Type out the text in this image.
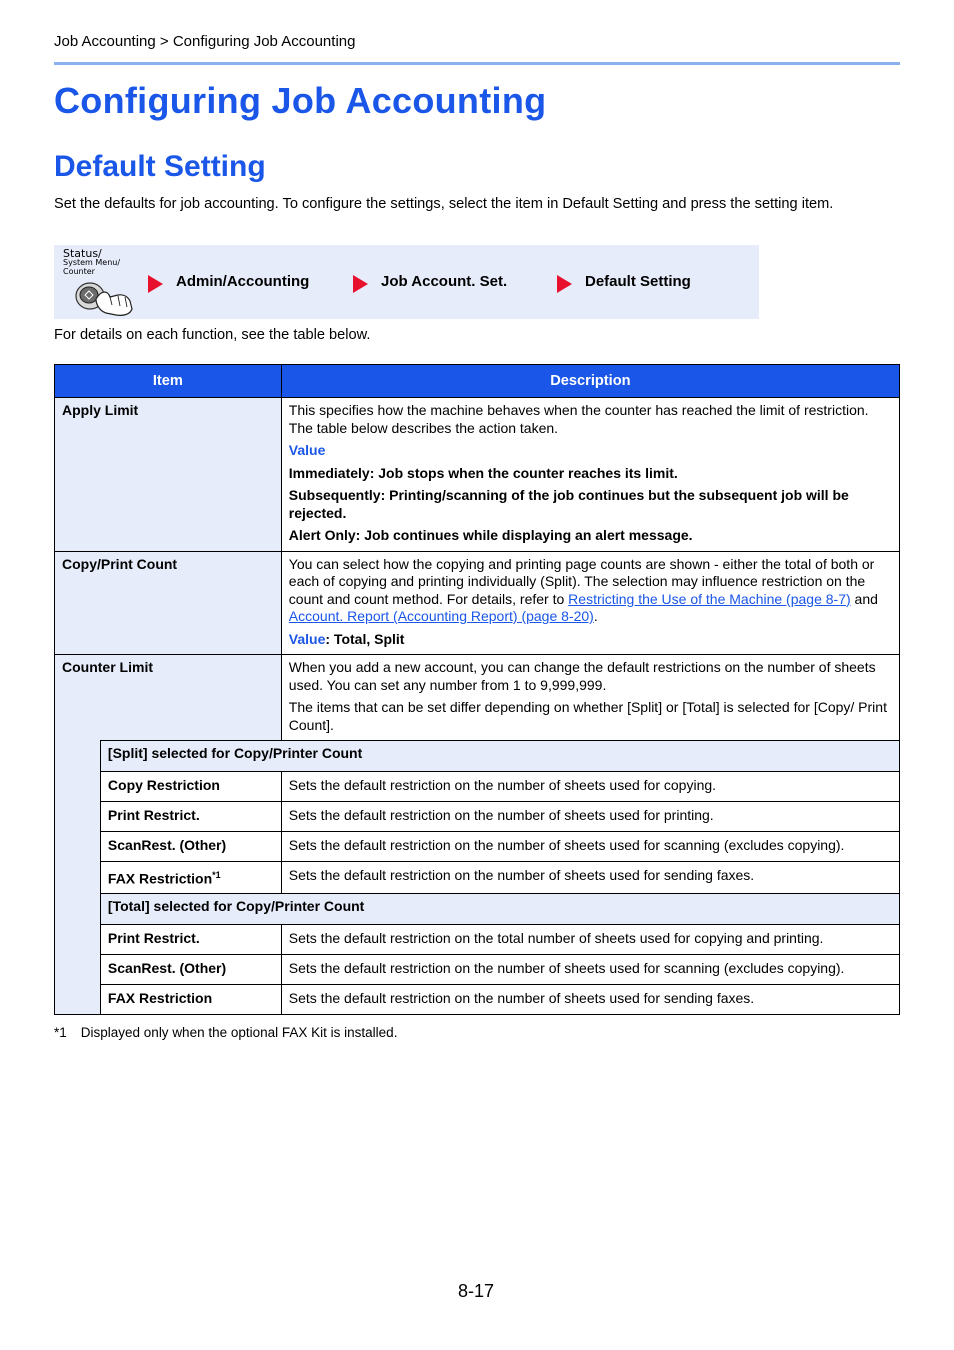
Job Accounting > Configuring Job Accounting
Configuring Job Accounting
Default Setting
Set the defaults for job accounting. To configure the settings, select the item in Default Setting and press the setting item.
Status/
System Menu/
Counter
Admin/Accounting	Job Account. Set.	Default Setting
For details on each function, see the table below.
Item		Description
Apply Limit		This specifies how the machine behaves when the counter has reached the limit of restriction. The table below describes the action taken.

Value

Immediately: Job stops when the counter reaches its limit.

Subsequently: Printing/scanning of the job continues but the subsequent job will be rejected.

Alert Only: Job continues while displaying an alert message.

Copy/Print Count		You can select how the copying and printing page counts are shown - either the total of both or each of copying and printing individually (Split). The selection may influence restriction on the count and count method. For details, refer to Restricting the Use of the Machine (page 8-7) and Account. Report (Accounting Report) (page 8-20).

Value: Total, Split

Counter Limit		When you add a new account, you can change the default restrictions on the number of sheets used. You can set any number from 1 to 9,999,999.

The items that can be set differ depending on whether [Split] or [Total] is selected for [Copy/ Print Count].

	[Split] selected for Copy/Printer Count	
	Copy Restriction	Sets the default restriction on the number of sheets used for copying.
	Print Restrict.	Sets the default restriction on the number of sheets used for printing.
	ScanRest. (Other)	Sets the default restriction on the number of sheets used for scanning (excludes copying).
	FAX Restriction$^{*1}$	Sets the default restriction on the number of sheets used for sending faxes.
	[Total] selected for Copy/Printer Count	
	Print Restrict.	Sets the default restriction on the total number of sheets used for copying and printing.
	ScanRest. (Other)	Sets the default restriction on the number of sheets used for scanning (excludes copying).
	FAX Restriction	Sets the default restriction on the number of sheets used for sending faxes.
*1 Displayed only when the optional FAX Kit is installed.
8-17
